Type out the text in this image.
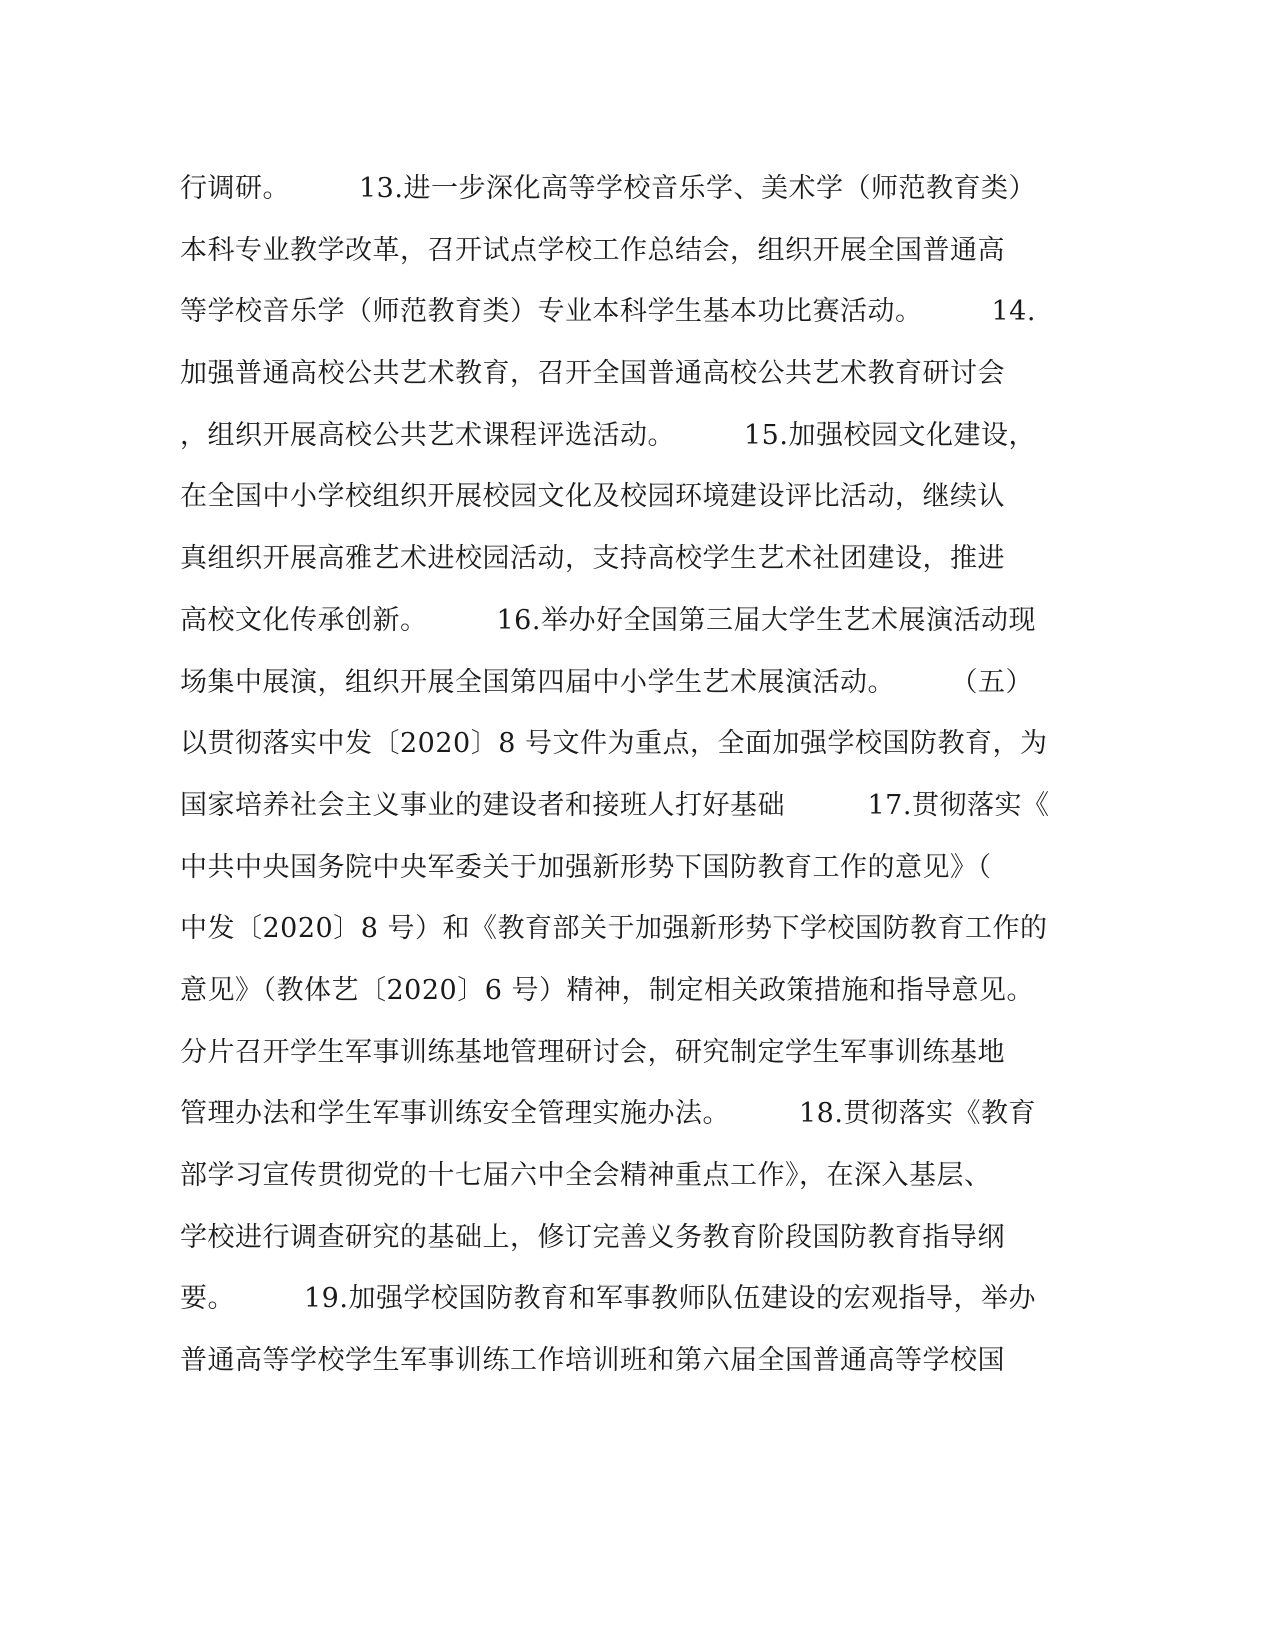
行调研。　　　13.进一步深化高等学校音乐学、美术学（师范教育类）
本科专业教学改革，召开试点学校工作总结会，组织开展全国普通高
等学校音乐学（师范教育类）专业本科学生基本功比赛活动。　　　14.
加强普通高校公共艺术教育，召开全国普通高校公共艺术教育研讨会
，组织开展高校公共艺术课程评选活动。　　　15.加强校园文化建设，
在全国中小学校组织开展校园文化及校园环境建设评比活动，继续认
真组织开展高雅艺术进校园活动，支持高校学生艺术社团建设，推进
高校文化传承创新。　　　16.举办好全国第三届大学生艺术展演活动现
场集中展演，组织开展全国第四届中小学生艺术展演活动。　　　（五）
以贯彻落实中发〔2020〕8 号文件为重点，全面加强学校国防教育，为
国家培养社会主义事业的建设者和接班人打好基础　　　17.贯彻落实《
中共中央国务院中央军委关于加强新形势下国防教育工作的意见》（
中发〔2020〕8 号）和《教育部关于加强新形势下学校国防教育工作的
意见》（教体艺〔2020〕6 号）精神，制定相关政策措施和指导意见。
分片召开学生军事训练基地管理研讨会，研究制定学生军事训练基地
管理办法和学生军事训练安全管理实施办法。　　　18.贯彻落实《教育
部学习宣传贯彻党的十七届六中全会精神重点工作》，在深入基层、
学校进行调查研究的基础上，修订完善义务教育阶段国防教育指导纲
要。　　　19.加强学校国防教育和军事教师队伍建设的宏观指导，举办
普通高等学校学生军事训练工作培训班和第六届全国普通高等学校国
